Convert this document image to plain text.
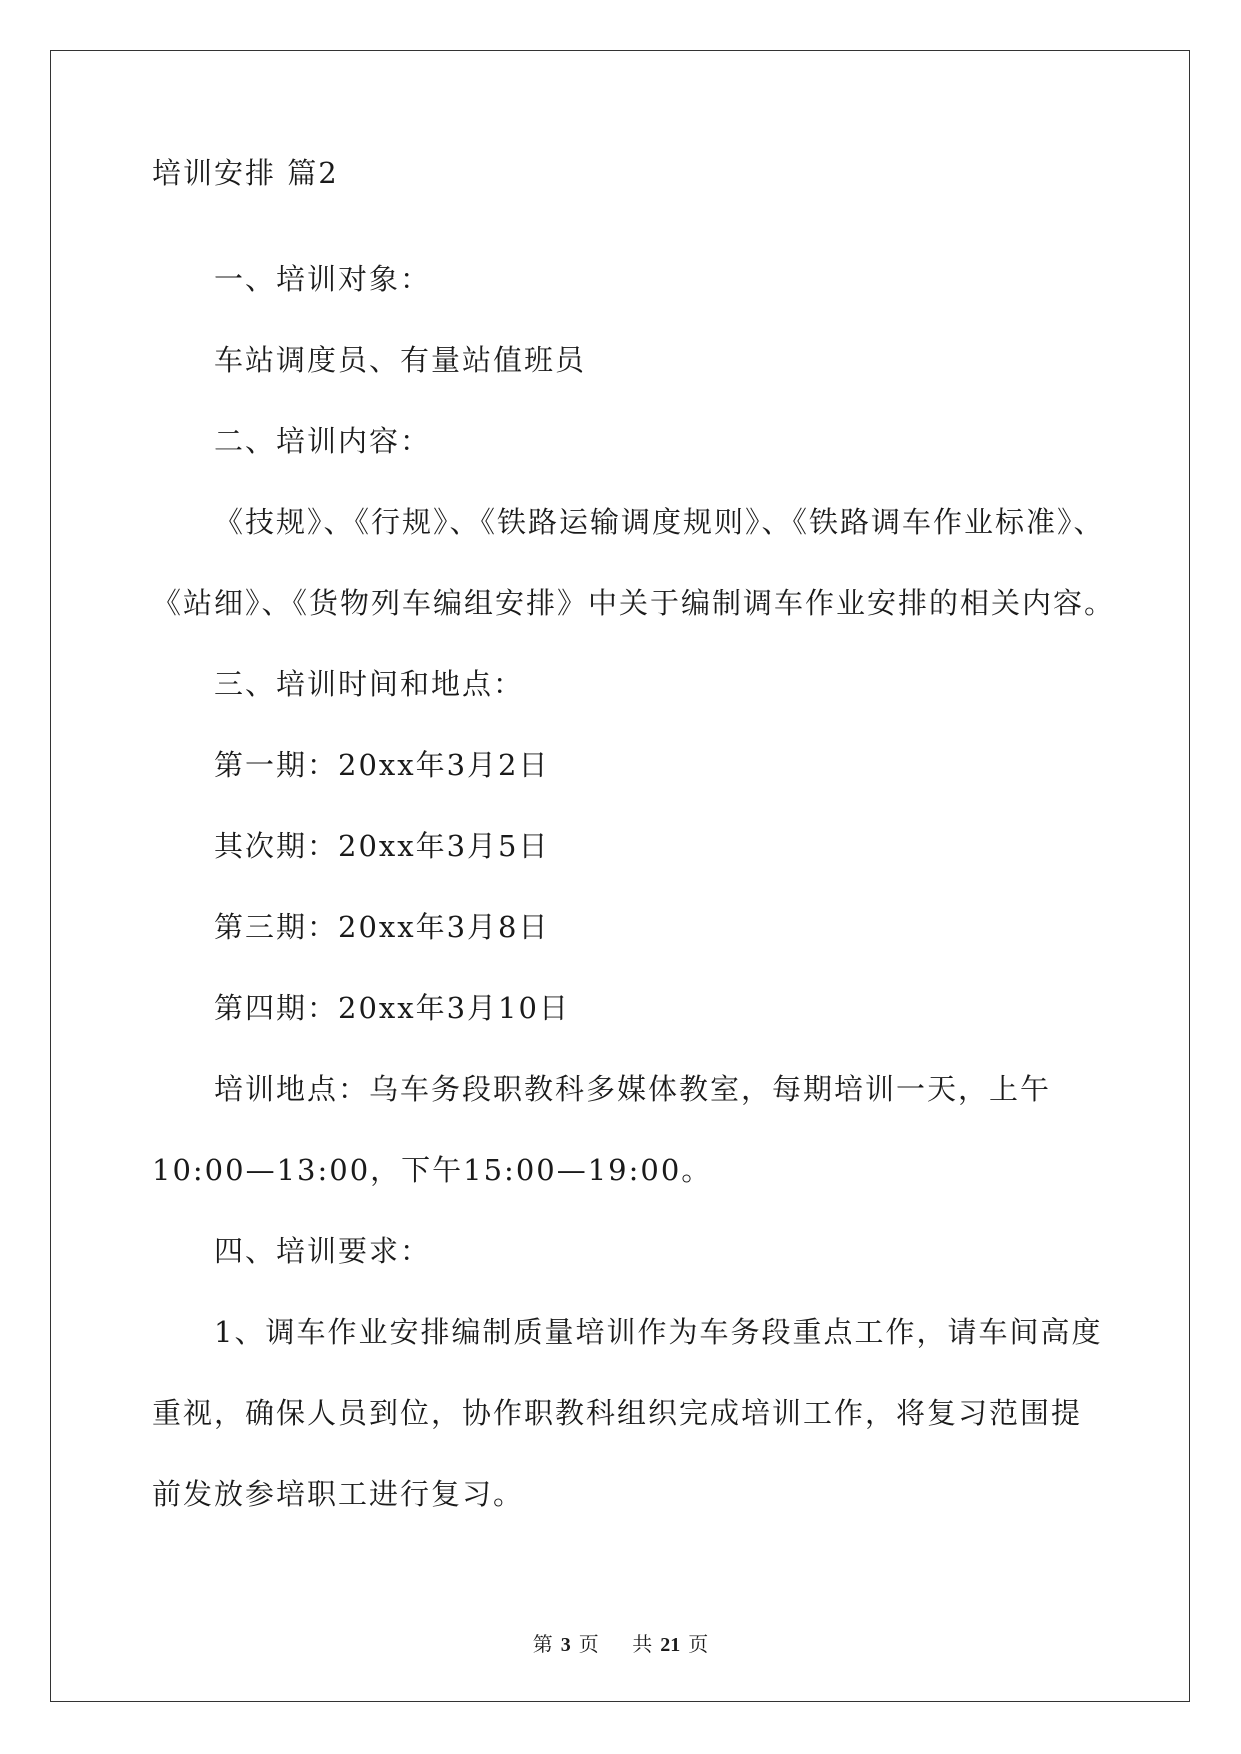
培训安排 篇2
一、培训对象：
车站调度员、有量站值班员
二、培训内容：
《技规》、《行规》、《铁路运输调度规则》、《铁路调车作业标准》、
《站细》、《货物列车编组安排》中关于编制调车作业安排的相关内容。
三、培训时间和地点：
第一期：20xx年3月2日
其次期：20xx年3月5日
第三期：20xx年3月8日
第四期：20xx年3月10日
培训地点：乌车务段职教科多媒体教室，每期培训一天，上午
10:00—13:00，下午15:00—19:00。
四、培训要求：
1、调车作业安排编制质量培训作为车务段重点工作，请车间高度
重视，确保人员到位，协作职教科组织完成培训工作，将复习范围提
前发放参培职工进行复习。
第 3 页 共 21 页
